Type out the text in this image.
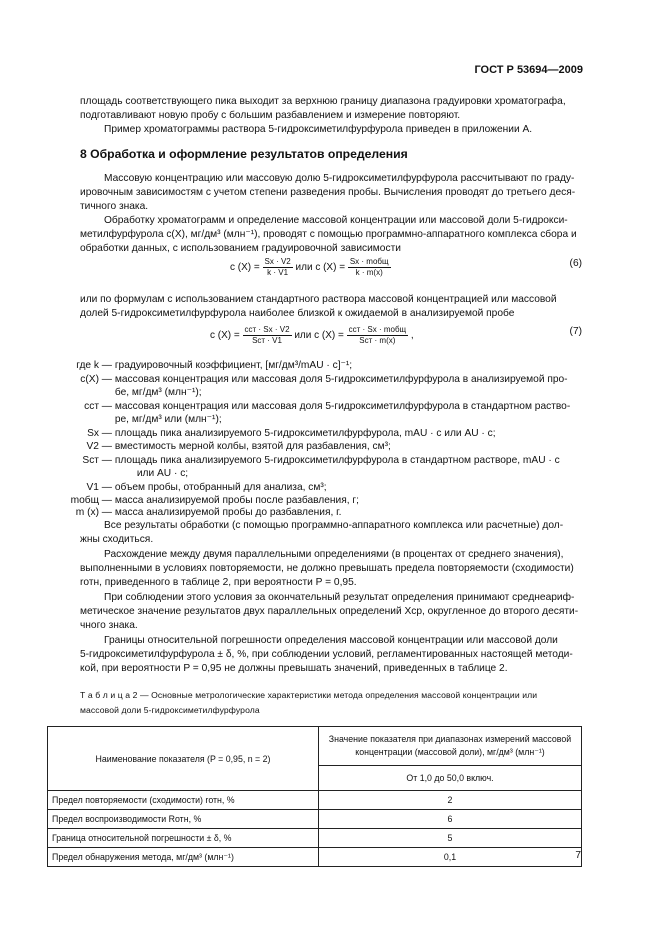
ГОСТ Р 53694—2009
площадь соответствующего пика выходит за верхнюю границу диапазона градуировки хроматографа,
подготавливают новую пробу с большим разбавлением и измерение повторяют.
Пример хроматограммы раствора 5-гидроксиметилфурфурола приведен в приложении А.
8 Обработка и оформление результатов определения
Массовую концентрацию или массовую долю 5-гидроксиметилфурфурола рассчитывают по граду-
ировочным зависимостям с учетом степени разведения пробы. Вычисления проводят до третьего деся-
тичного знака.
Обработку хроматограмм и определение массовой концентрации или массовой доли 5-гидрокси-
метилфурфурола c(X), мг/дм³ (млн⁻¹), проводят с помощью программно-аппаратного комплекса сбора и
обработки данных, с использованием градуировочной зависимости
c $(X) = \frac{Sx \cdot V2}{k \cdot V1}$ или c $(X) = \frac{\text{Sx · mобщ}}{k \cdot m(x)}$	(6)
или по формулам с использованием стандартного раствора массовой концентрацией или массовой
долей 5-гидроксиметилфурфурола наиболее близкой к ожидаемой в анализируемой пробе
c $(X) = \frac{\text{cст · Sx · V2}}{\text{Sст · V1}}$ или c $(X) = \frac{\text{cст · Sx · mобщ}}{\text{Sст · m(x)}}$ ,	(7)
где k — градуировочный коэффициент, [мг/дм³/mAU · с]⁻¹;
c(X) — массовая концентрация или массовая доля 5-гидроксиметилфурфурола в анализируемой про-
бе, мг/дм³ (млн⁻¹);
cст — массовая концентрация или массовая доля 5-гидроксиметилфурфурола в стандартном раство-
ре, мг/дм³ или (млн⁻¹);
Sx — площадь пика анализируемого 5-гидроксиметилфурфурола, mAU · с или AU · с;
V2 — вместимость мерной колбы, взятой для разбавления, см³;
Sст — площадь пика анализируемого 5-гидроксиметилфурфурола в стандартном растворе, mAU · с
или AU · с;
V1 — объем пробы, отобранный для анализа, см³;
mобщ — масса анализируемой пробы после разбавления, г;
m (x) — масса анализируемой пробы до разбавления, г.
Все результаты обработки (с помощью программно-аппаратного комплекса или расчетные) дол-
жны сходиться.
Расхождение между двумя параллельными определениями (в процентах от среднего значения),
выполненными в условиях повторяемости, не должно превышать предела повторяемости (сходимости)
rотн, приведенного в таблице 2, при вероятности P = 0,95.
При соблюдении этого условия за окончательный результат определения принимают среднеариф-
метическое значение результатов двух параллельных определений Xср, округленное до второго десяти-
чного знака.
Границы относительной погрешности определения массовой концентрации или массовой доли
5-гидроксиметилфурфурола ± δ, %, при соблюдении условий, регламентированных настоящей методи-
кой, при вероятности P = 0,95 не должны превышать значений, приведенных в таблице 2.
Т а б л и ц а 2 — Основные метрологические характеристики метода определения массовой концентрации или
массовой доли 5-гидроксиметилфурфурола
Наименование показателя (P = 0,95, n = 2)	Значение показателя при диапазонах измерений массовой концентрации (массовой доли), мг/дм³ (млн⁻¹)
	От 1,0 до 50,0 включ.
Предел повторяемости (сходимости) rотн, %	2
Предел воспроизводимости Rотн, %	6
Граница относительной погрешности ± δ, %	5
Предел обнаружения метода, мг/дм³ (млн⁻¹)	0,1	7
